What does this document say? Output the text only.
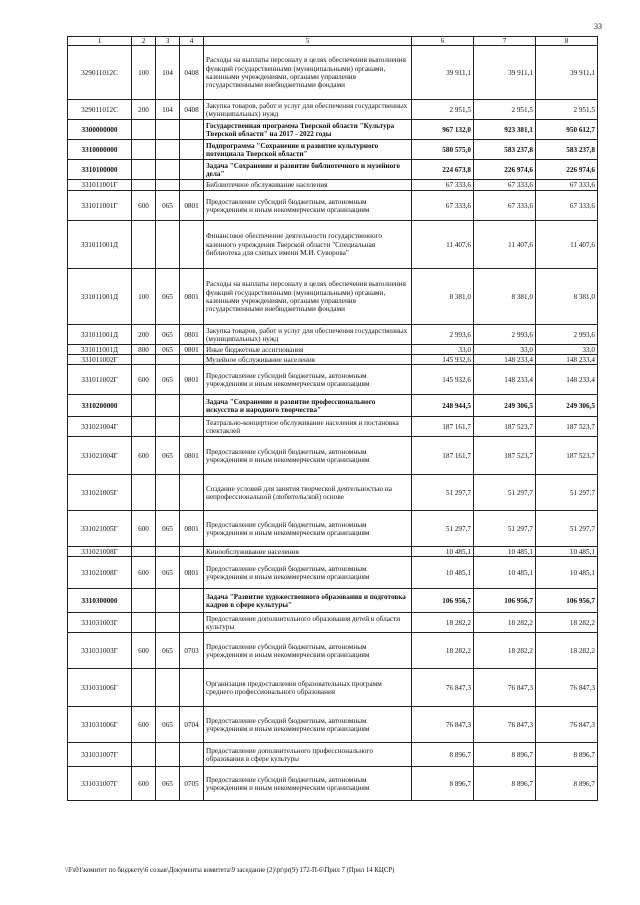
33
1	2	3	4	5	6	7	8
329011012С	100	104	0408	Расходы на выплаты персоналу в целях обеспечения выполнения функций государственными (муниципальными) органами, казенными учреждениями, органами управления государственными внебюджетными фондами	39 911,1	39 911,1	39 911,1
329011012С	200	104	0408	Закупка товаров, работ и услуг для обеспечения государственных (муниципальных) нужд	2 951,5	2 951,5	2 951,5
3300000000				Государственная программа Тверской области "Культура Тверской области" на 2017 - 2022 годы	967 132,0	923 381,1	950 612,7
3310000000				Подпрограмма "Сохранение и развитие культурного потенциала Тверской области"	580 575,0	583 237,8	583 237,8
3310100000				Задача "Сохранение и развитие библиотечного и музейного дела"	224 673,8	226 974,6	226 974,6
331011001Г				Библиотечное обслуживание населения	67 333,6	67 333,6	67 333,6
331011001Г	600	065	0801	Предоставление субсидий бюджетным, автономным учреждениям и иным некоммерческим организациям	67 333,6	67 333,6	67 333,6
331011001Д				Финансовое обеспечение деятельности государственного казенного учреждения Тверской области "Специальная библиотека для слепых имени М.И. Суворова"	11 407,6	11 407,6	11 407,6
331011001Д	100	065	0801	Расходы на выплаты персоналу в целях обеспечения выполнения функций государственными (муниципальными) органами, казенными учреждениями, органами управления государственными внебюджетными фондами	8 381,0	8 381,0	8 381,0
331011001Д	200	065	0801	Закупка товаров, работ и услуг для обеспечения государственных (муниципальных) нужд	2 993,6	2 993,6	2 993,6
331011001Д	800	065	0801	Иные бюджетные ассигнования	33,0	33,0	33,0
331011002Г				Музейное обслуживание населения	145 932,6	148 233,4	148 233,4
331011002Г	600	065	0801	Предоставление субсидий бюджетным, автономным учреждениям и иным некоммерческим организациям	145 932,6	148 233,4	148 233,4
3310200000				Задача "Сохранение и развитие профессионального искусства и народного творчества"	248 944,5	249 306,5	249 306,5
331021004Г				Театрально-концертное обслуживание населения и постановка спектаклей	187 161,7	187 523,7	187 523,7
331021004Г	600	065	0801	Предоставление субсидий бюджетным, автономным учреждениям и иным некоммерческим организациям	187 161,7	187 523,7	187 523,7
331021005Г				Создание условий для занятия творческой деятельностью на непрофессиональной (любительской) основе	51 297,7	51 297,7	51 297,7
331021005Г	600	065	0801	Предоставление субсидий бюджетным, автономным учреждениям и иным некоммерческим организациям	51 297,7	51 297,7	51 297,7
331021008Г				Кинообслуживание населения	10 485,1	10 485,1	10 485,1
331021008Г	600	065	0801	Предоставление субсидий бюджетным, автономным учреждениям и иным некоммерческим организациям	10 485,1	10 485,1	10 485,1
3310300000				Задача "Развитие художественного образования и подготовка кадров в сфере культуры"	106 956,7	106 956,7	106 956,7
331031003Г				Предоставление дополнительного образования детей в области культуры	18 282,2	18 282,2	18 282,2
331031003Г	600	065	0703	Предоставление субсидий бюджетным, автономным учреждениям и иным некоммерческим организациям	18 282,2	18 282,2	18 282,2
331031006Г				Организация предоставления образовательных программ среднего профессионального образования	76 847,3	76 847,3	76 847,3
331031006Г	600	065	0704	Предоставление субсидий бюджетным, автономным учреждениям и иным некоммерческим организациям	76 847,3	76 847,3	76 847,3
331031007Г				Предоставление дополнительного профессионального образования в сфере культуры	8 896,7	8 896,7	8 896,7
331031007Г	600	065	0705	Предоставление субсидий бюджетным, автономным учреждениям и иным некоммерческим организациям	8 896,7	8 896,7	8 896,7
\\Fs01\комитет по бюджету\6 созыв\Документы комитета\9 заседание (2)\pr\pr(9) 172-П-6\Прил 7 (Прил 14 КЦСР)
